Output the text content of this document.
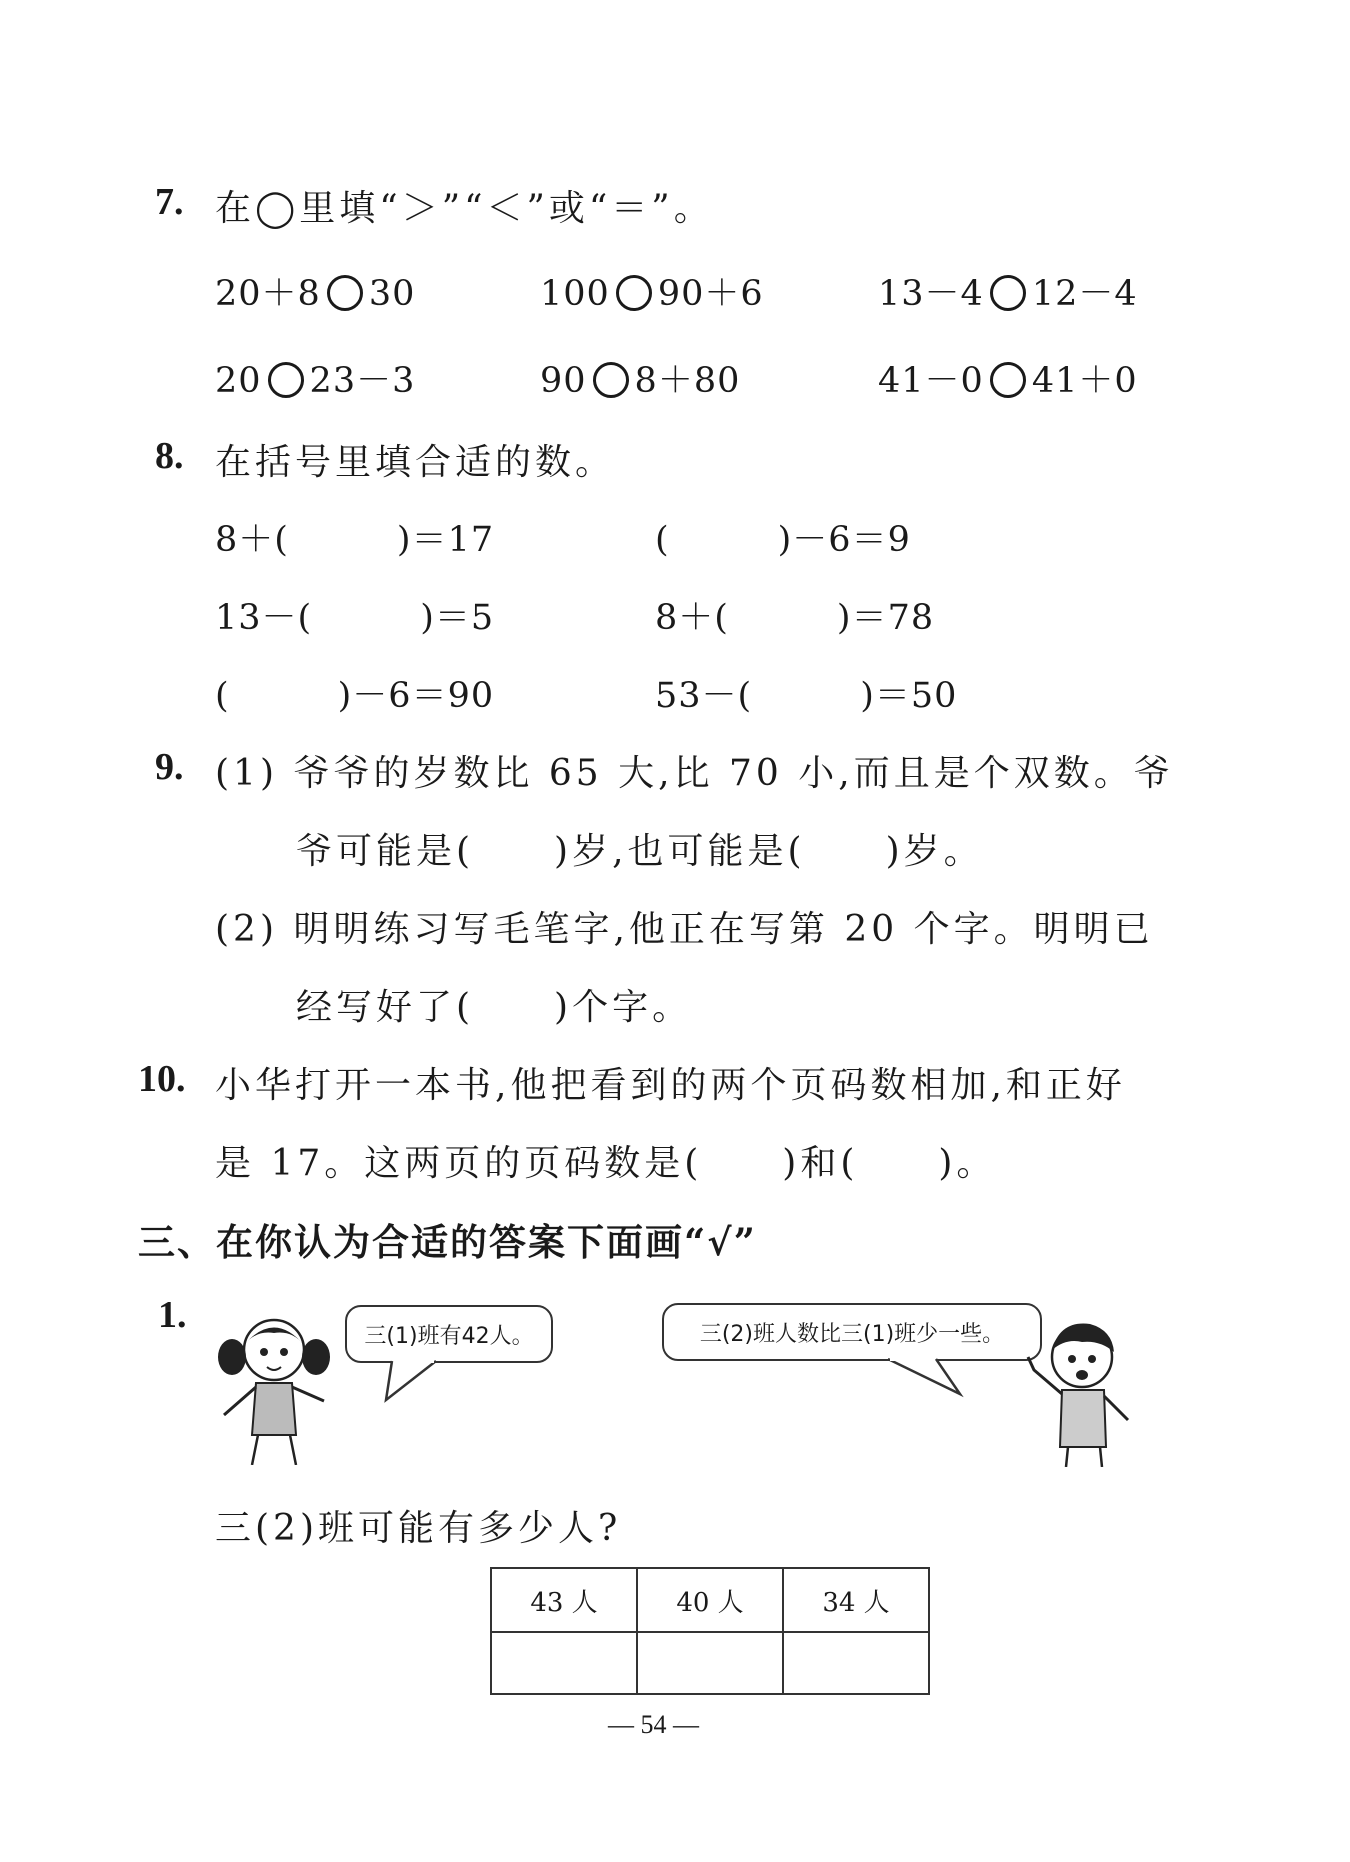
7. 在◯里填“＞”“＜”或“＝”。
20＋8 30	100 90＋6	13－4 12－4
20 23－3	90 8＋80	41－0 41＋0
8. 在括号里填合适的数。
8＋(　　　)＝17	(　　　)－6＝9
13－(　　　)＝5	8＋(　　　)＝78
(　　　)－6＝90	53－(　　　)＝50
9. (1) 爷爷的岁数比 65 大,比 70 小,而且是个双数。爷
爷可能是(　　)岁,也可能是(　　)岁。
(2) 明明练习写毛笔字,他正在写第 20 个字。明明已
经写好了(　　)个字。
10. 小华打开一本书,他把看到的两个页码数相加,和正好
是 17。这两页的页码数是(　　)和(　　)。
三、在你认为合适的答案下面画“√”
1.	三(1)班有42人。	三(2)班人数比三(1)班少一些。
三(2)班可能有多少人?
43 人	40 人	34 人

— 54 —
